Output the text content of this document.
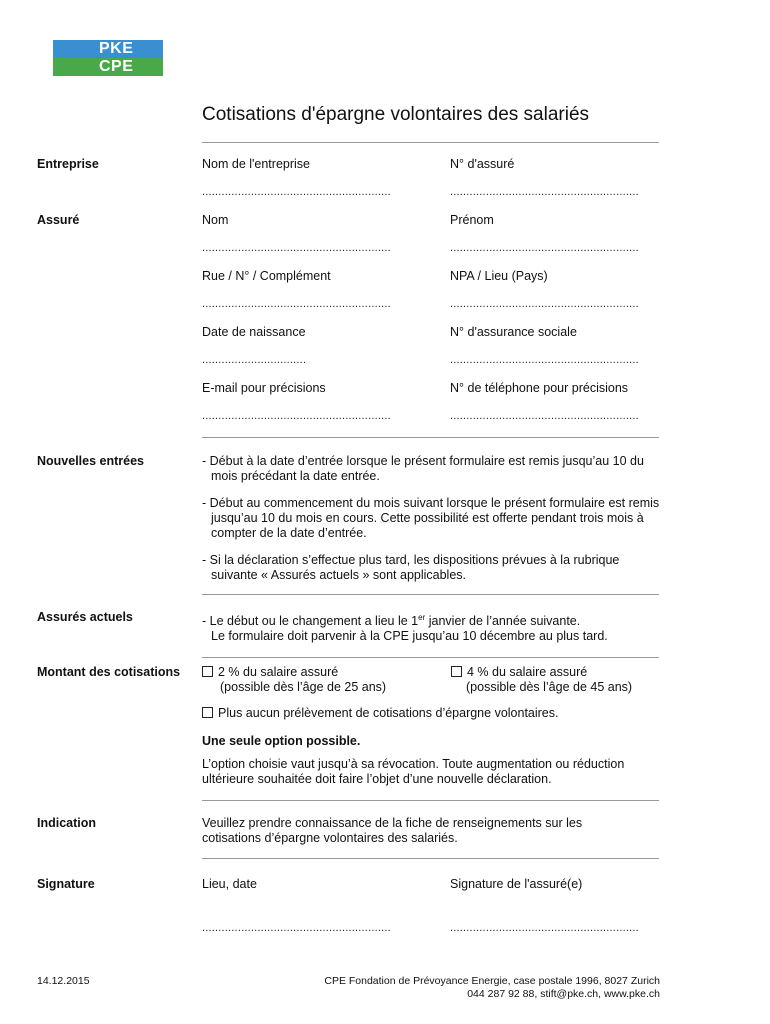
PKE
CPE
Cotisations d'épargne volontaires des salariés
Entreprise	Nom de l'entreprise	N° d'assuré
..........................................................	..........................................................
Assuré	Nom	Prénom
..........................................................	..........................................................
Rue / N° / Complément	NPA / Lieu (Pays)
..........................................................	..........................................................
Date de naissance	N° d'assurance sociale
................................	..........................................................
E-mail pour précisions	N° de téléphone pour précisions
..........................................................	..........................................................
Nouvelles entrées	- Début à la date d’entrée lorsque le présent formulaire est remis jusqu’au 10 du mois précédant la date entrée.
- Début au commencement du mois suivant lorsque le présent formulaire est remis jusqu’au 10 du mois en cours. Cette possibilité est offerte pendant trois mois à compter de la date d’entrée.
- Si la déclaration s’effectue plus tard, les dispositions prévues à la rubrique suivante « Assurés actuels » sont applicables.
Assurés actuels	- Le début ou le changement a lieu le 1er janvier de l’année suivante.
Le formulaire doit parvenir à la CPE jusqu’au 10 décembre au plus tard.
Montant des cotisations	2 % du salaire assuré
(possible dès l’âge de 25 ans)
4 % du salaire assuré
(possible dès l’âge de 45 ans)
Plus aucun prélèvement de cotisations d’épargne volontaires.
Une seule option possible.
L’option choisie vaut jusqu’à sa révocation. Toute augmentation ou réduction ultérieure souhaitée doit faire l’objet d’une nouvelle déclaration.
Indication	Veuillez prendre connaissance de la fiche de renseignements sur les cotisations d’épargne volontaires des salariés.
Signature	Lieu, date	Signature de l'assuré(e)
..........................................................	..........................................................
14.12.2015	CPE Fondation de Prévoyance Energie, case postale 1996, 8027 Zurich
044 287 92 88, stift@pke.ch, www.pke.ch
